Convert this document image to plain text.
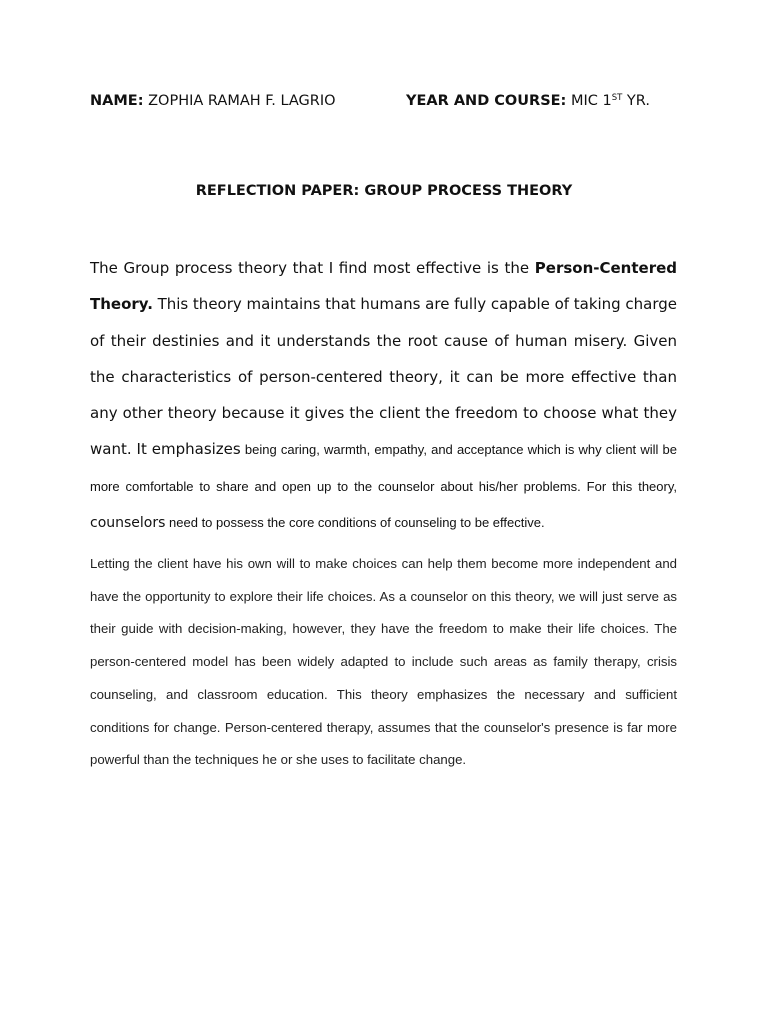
NAME: ZOPHIA RAMAH F. LAGRIO	YEAR AND COURSE: MIC 1ST YR.
REFLECTION PAPER: GROUP PROCESS THEORY

The Group process theory that I find most effective is the Person-Centered Theory. This theory maintains that humans are fully capable of taking charge of their destinies and it understands the root cause of human misery. Given the characteristics of person-centered theory, it can be more effective than any other theory because it gives the client the freedom to choose what they want. It emphasizes being caring, warmth, empathy, and acceptance which is why client will be more comfortable to share and open up to the counselor about his/her problems. For this theory, counselors need to possess the core conditions of counseling to be effective.

Letting the client have his own will to make choices can help them become more independent and have the opportunity to explore their life choices. As a counselor on this theory, we will just serve as their guide with decision-making, however, they have the freedom to make their life choices. The person-centered model has been widely adapted to include such areas as family therapy, crisis counseling, and classroom education. This theory emphasizes the necessary and sufficient conditions for change. Person-centered therapy, assumes that the counselor's presence is far more powerful than the techniques he or she uses to facilitate change.
